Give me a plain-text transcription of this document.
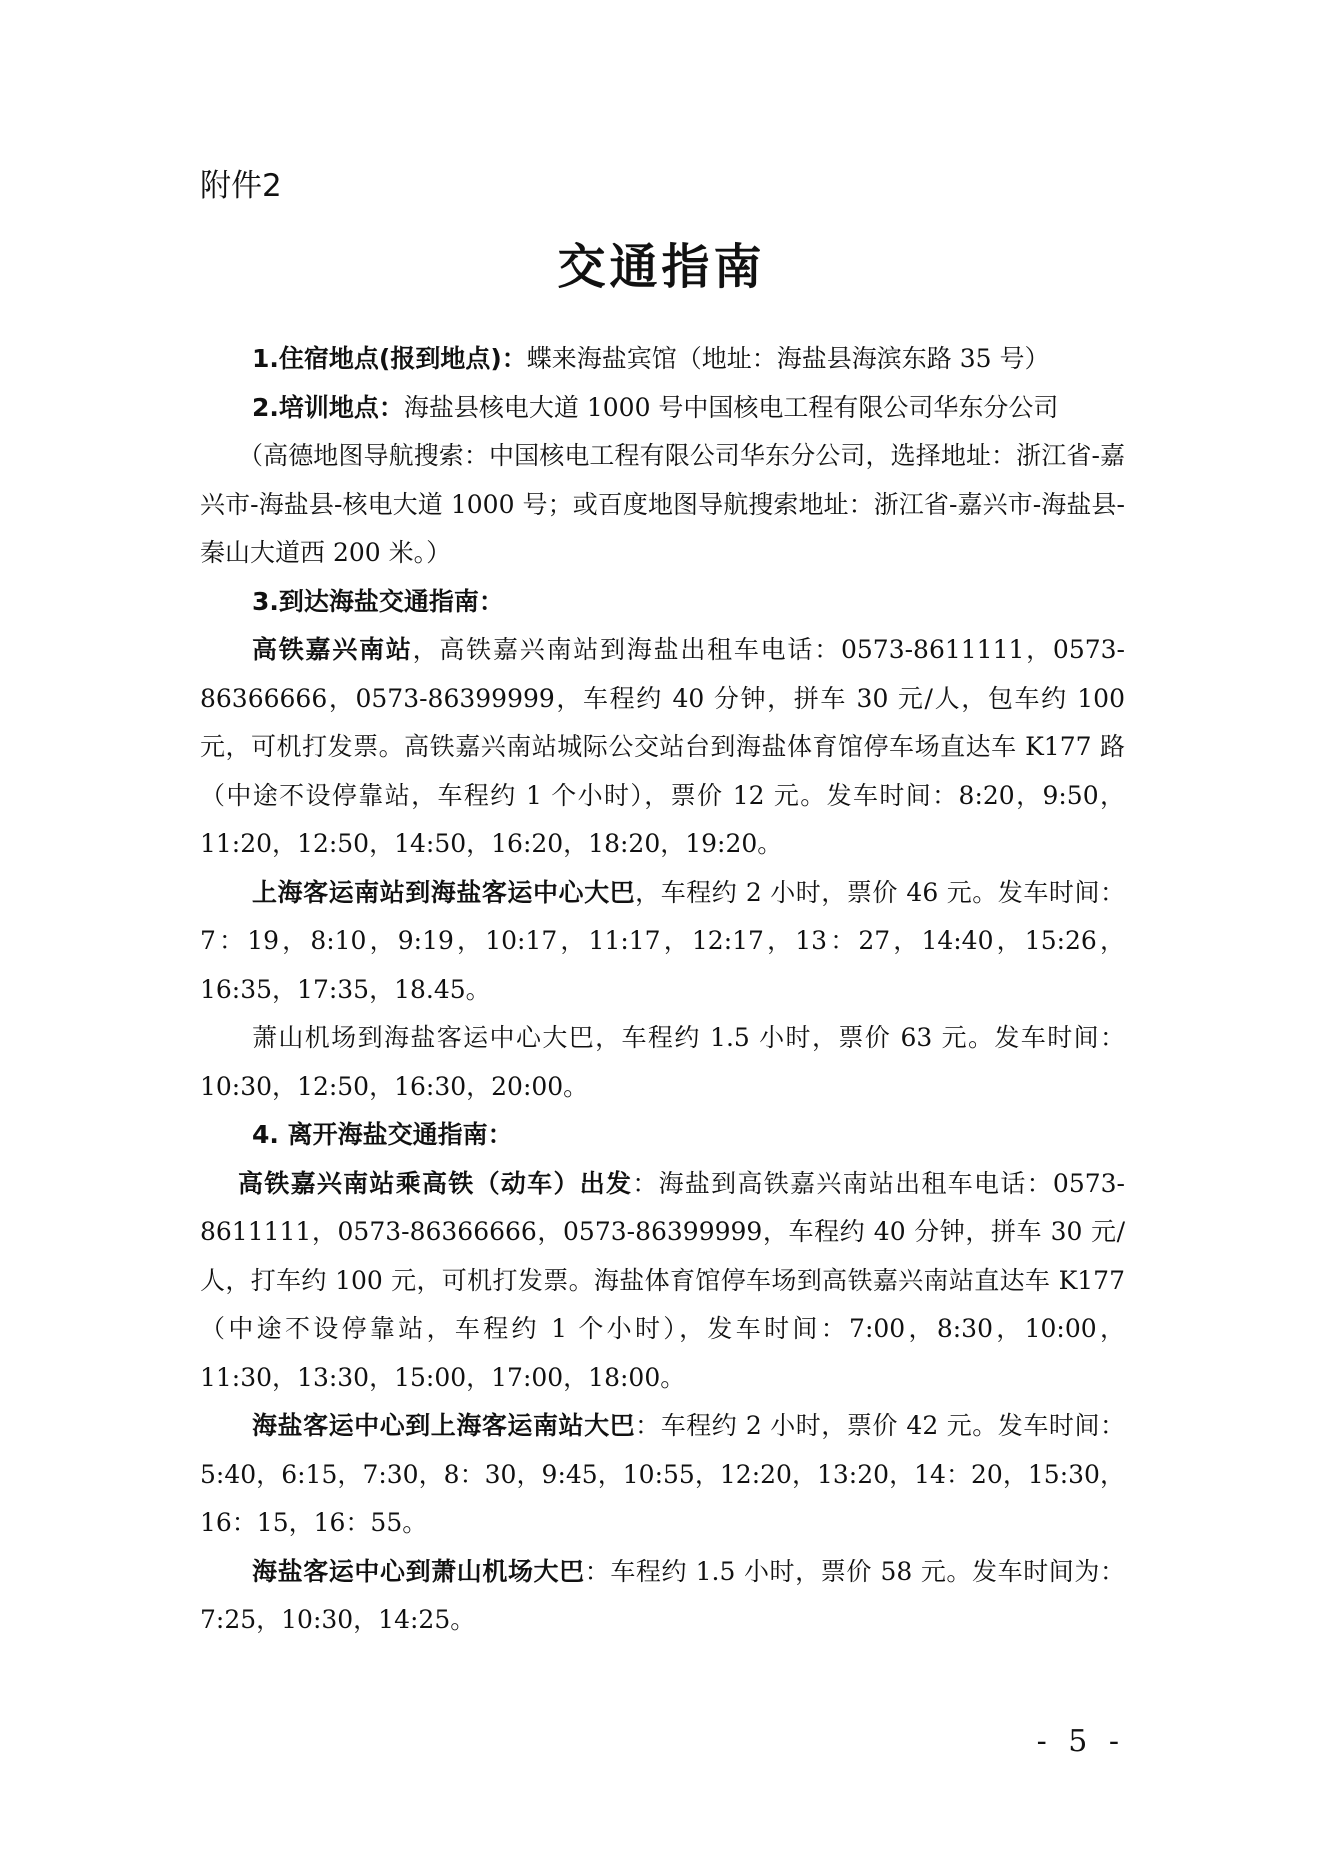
附件2
交通指南

1.住宿地点(报到地点)：蝶来海盐宾馆（地址：海盐县海滨东路 35 号）

2.培训地点：海盐县核电大道 1000 号中国核电工程有限公司华东分公司

（高德地图导航搜索：中国核电工程有限公司华东分公司，选择地址：浙江省-嘉兴市-海盐县-核电大道 1000 号；或百度地图导航搜索地址：浙江省-嘉兴市-海盐县-秦山大道西 200 米。）

3.到达海盐交通指南：

高铁嘉兴南站，高铁嘉兴南站到海盐出租车电话：0573-8611111，0573-86366666，0573-86399999，车程约 40 分钟，拼车 30 元/人，包车约 100 元，可机打发票。高铁嘉兴南站城际公交站台到海盐体育馆停车场直达车 K177 路（中途不设停靠站，车程约 1 个小时），票价 12 元。发车时间：8:20，9:50，11:20，12:50，14:50，16:20，18:20，19:20。

上海客运南站到海盐客运中心大巴，车程约 2 小时，票价 46 元。发车时间：7：19，8:10，9:19，10:17，11:17，12:17，13：27，14:40，15:26，16:35，17:35，18.45。

萧山机场到海盐客运中心大巴，车程约 1.5 小时，票价 63 元。发车时间：10:30，12:50，16:30，20:00。

4. 离开海盐交通指南：

高铁嘉兴南站乘高铁（动车）出发：海盐到高铁嘉兴南站出租车电话：0573-8611111，0573-86366666，0573-86399999，车程约 40 分钟，拼车 30 元/人，打车约 100 元，可机打发票。海盐体育馆停车场到高铁嘉兴南站直达车 K177（中途不设停靠站，车程约 1 个小时），发车时间：7:00，8:30，10:00，11:30，13:30，15:00，17:00，18:00。

海盐客运中心到上海客运南站大巴：车程约 2 小时，票价 42 元。发车时间：5:40，6:15，7:30，8：30，9:45，10:55，12:20，13:20，14：20，15:30，16：15，16：55。

海盐客运中心到萧山机场大巴：车程约 1.5 小时，票价 58 元。发车时间为：7:25，10:30，14:25。

- 5 -
